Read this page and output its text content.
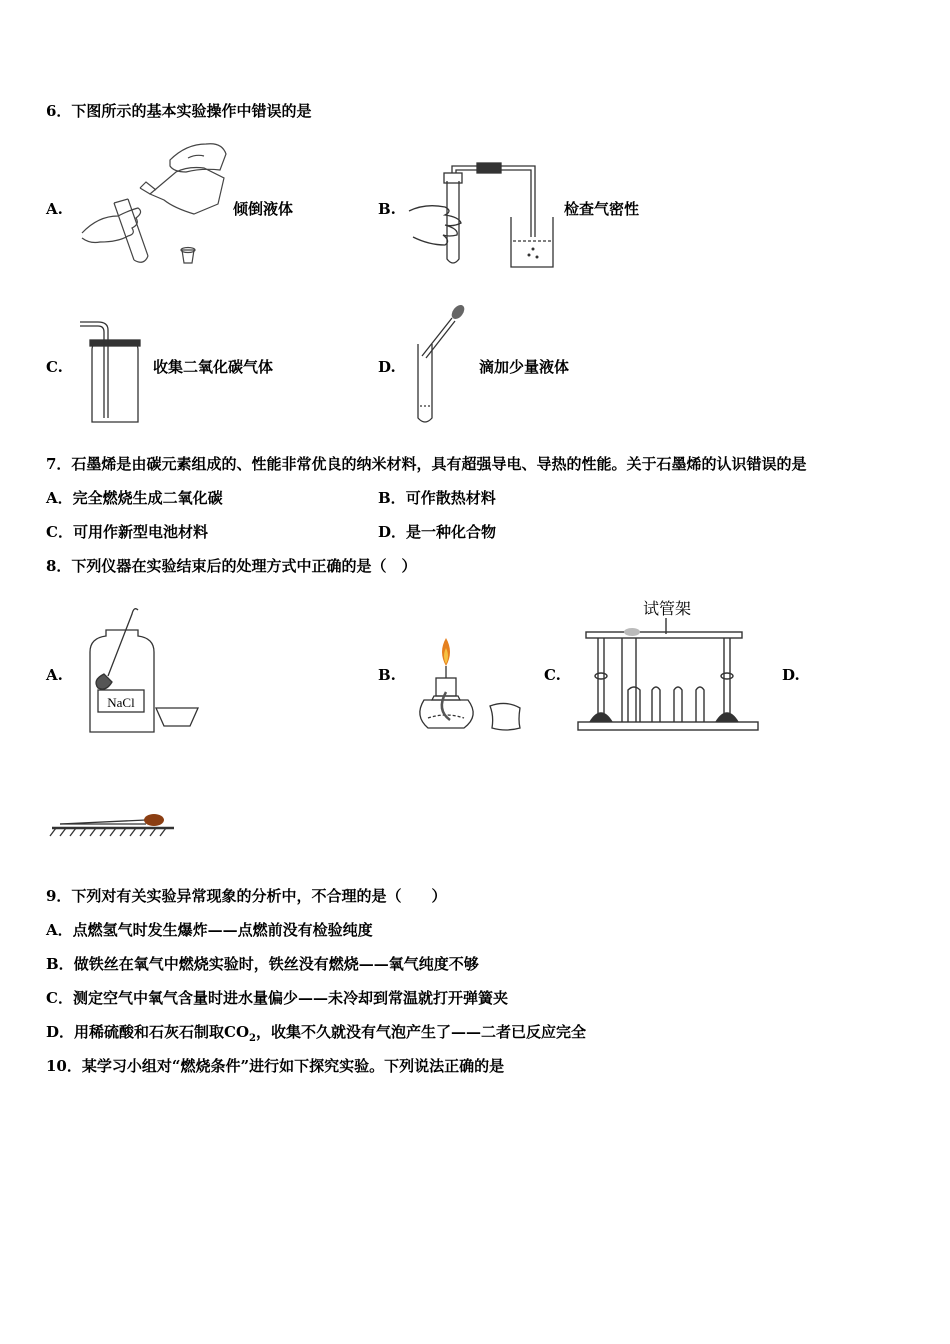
6．下图所示的基本实验操作中错误的是
A.	倾倒液体	B.	检查气密性
C.	收集二氧化碳气体	D.	滴加少量液体
7．石墨烯是由碳元素组成的、性能非常优良的纳米材料，具有超强导电、导热的性能。关于石墨烯的认识错误的是
A．完全燃烧生成二氧化碳	B．可作散热材料
C．可用作新型电池材料	D．是一种化合物
8．下列仪器在实验结束后的处理方式中正确的是（　）
A.
NaCl
B.	C.
试管架
D.
9．下列对有关实验异常现象的分析中，不合理的是（　　）
A．点燃氢气时发生爆炸——点燃前没有检验纯度
B．做铁丝在氧气中燃烧实验时，铁丝没有燃烧——氧气纯度不够
C．测定空气中氧气含量时进水量偏少——未冷却到常温就打开弹簧夹
D．用稀硫酸和石灰石制取$CO_2$，收集不久就没有气泡产生了——二者已反应完全
10．某学习小组对“燃烧条件”进行如下探究实验。下列说法正确的是
